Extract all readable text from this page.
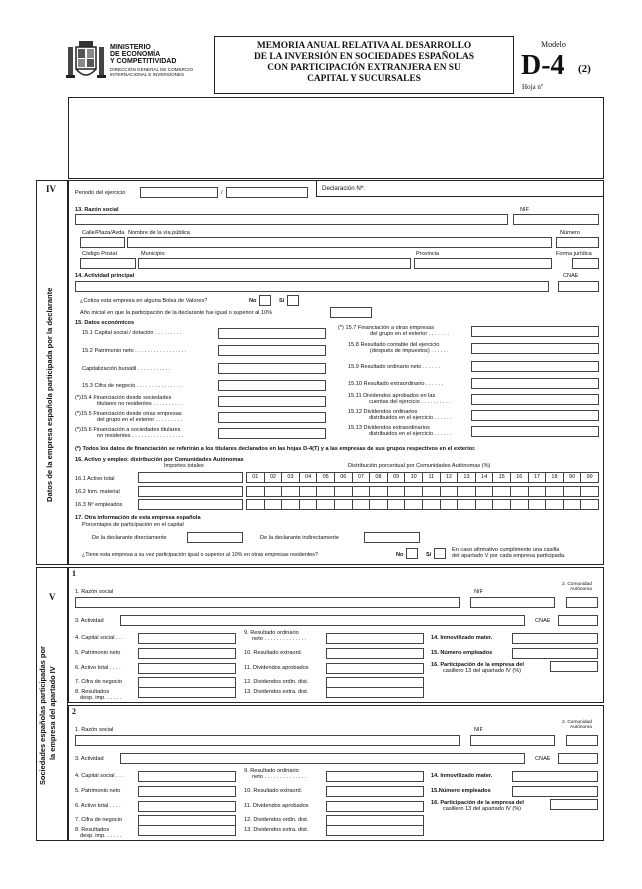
MINISTERIO
DE ECONOMÍA
Y COMPETITIVIDAD
DIRECCIÓN GENERAL DE COMERCIO
INTERNACIONAL E INVERSIONES
MEMORIA ANUAL RELATIVA AL DESARROLLO
DE LA INVERSIÓN EN SOCIEDADES ESPAÑOLAS
CON PARTICIPACIÓN EXTRANJERA EN SU
CAPITAL Y SUCURSALES
Modelo
D-4 (2)
Hoja nº
IV
Datos de la empresa española participada por la declarante
Periodo del ejercicio	/
Declaración Nº:
13. Razón social	NIF
Calle/Plaza/Avda Nombre de la vía pública	Número
Código Postal	Municipio	Provincia	Forma jurídica
14. Actividad principal	CNAE
¿Cotiza esta empresa en alguna Bolsa de Valores?	No	Sí
Año inicial en que la participación de la declarante fue igual o superior al 10%
15. Datos económicos
15.1 Capital social / dotación . . . . . . . . .
15.2 Patrimonio neto . . . . . . . . . . . . . . . . .
Capitalización bursátil . . . . . . . . . . .
15.3 Cifra de negocio . . . . . . . . . . . . . . .
(*)15.4 Financiación desde sociedades
titulares no residentes . . . . . . . . . .
(*)15.5 Financiación desde otras empresas
del grupo en el exterior . . . . . . . . .
(*)15.6 Financiación a sociedades titulares
no residentes . . . . . . . . . . . . . . . . .
(*) 15.7 Financiación a otras empresas
del grupo en el exterior . . . . . . .
15.8 Resultado contable del ejercicio
(después de impuestos) . . . . . .
15.9 Resultado ordinario neto . . . . . .
15.10 Resultado extraordinario . . . . . .
15.11 Dividendos aprobados en las
cuentas del ejercicio . . . . . . . . . .
15.12 Dividendos ordinarios
distribuidos en el ejercicio . . . . . .
15.13 Dividendos extraordinarios
distribuidos en el ejercicio . . . . . .
(*) Todos los datos de financiación se referirán a los titulares declarados en las hojas D-4(T) y a las empresas de sus grupos respectivos en el exterior.
16. Activo y empleo: distribución por Comunidades Autónomas
Importes totales	Distribución porcentual por Comunidades Autónomas (%)
16.1 Activo total
16.2 Inm. material
16.3 Nº empleados
01	02	03	04	05	06	07	08	09	10	11	12	13	14	15	16	17	18	90	99
17. Otra información de esta empresa española
Porcentajes de participación en el capital
De la declarante directamente	De la declarante indirectamente
¿Tiene esta empresa a su vez participación igual o superior al 10% en otras empresas residentes?	No	Sí
En caso afirmativo cumplimente una casilla
del apartado V por cada empresa participada.
V
Sociedades españolas participadas por la empresa del apartado IV
1
1. Razón social	NIF
2. Comunidad
Autónoma
3. Actividad	CNAE
4. Capital social . . .
5. Patrimonio neto
6. Activo total . . . .
7. Cifra de negocio
8. Resultados
desp. imp. . . . . .
9. Resultado ordinario
neto . . . . . . . . . . . . . .
10. Resultado extraord.
11. Dividendos aprobados
12. Dividendos ordin. dist.
13. Dividendos extra. dist.
14. Inmovilizado mater.
15. Número empleados
16. Participación de la empresa del
casillero 13 del apartado IV (%)
2
1. Razón social	NIF
2. Comunidad
Autónoma
3. Actividad	CNAE
4. Capital social . . .
5. Patrimonio neto
6. Activo total . . . .
7. Cifra de negocio
8. Resultados
desp. imp. . . . . .
9. Resultado ordinario
neto . . . . . . . . . . . . . .
10. Resultado extraord.
11. Dividendos aprobados
12. Dividendos ordin. dist.
13. Dividendos extra. dist.
14. Inmovilizado mater.
15.Número empleados
16. Participación de la empresa del
casillero 13 del apartado IV (%)
